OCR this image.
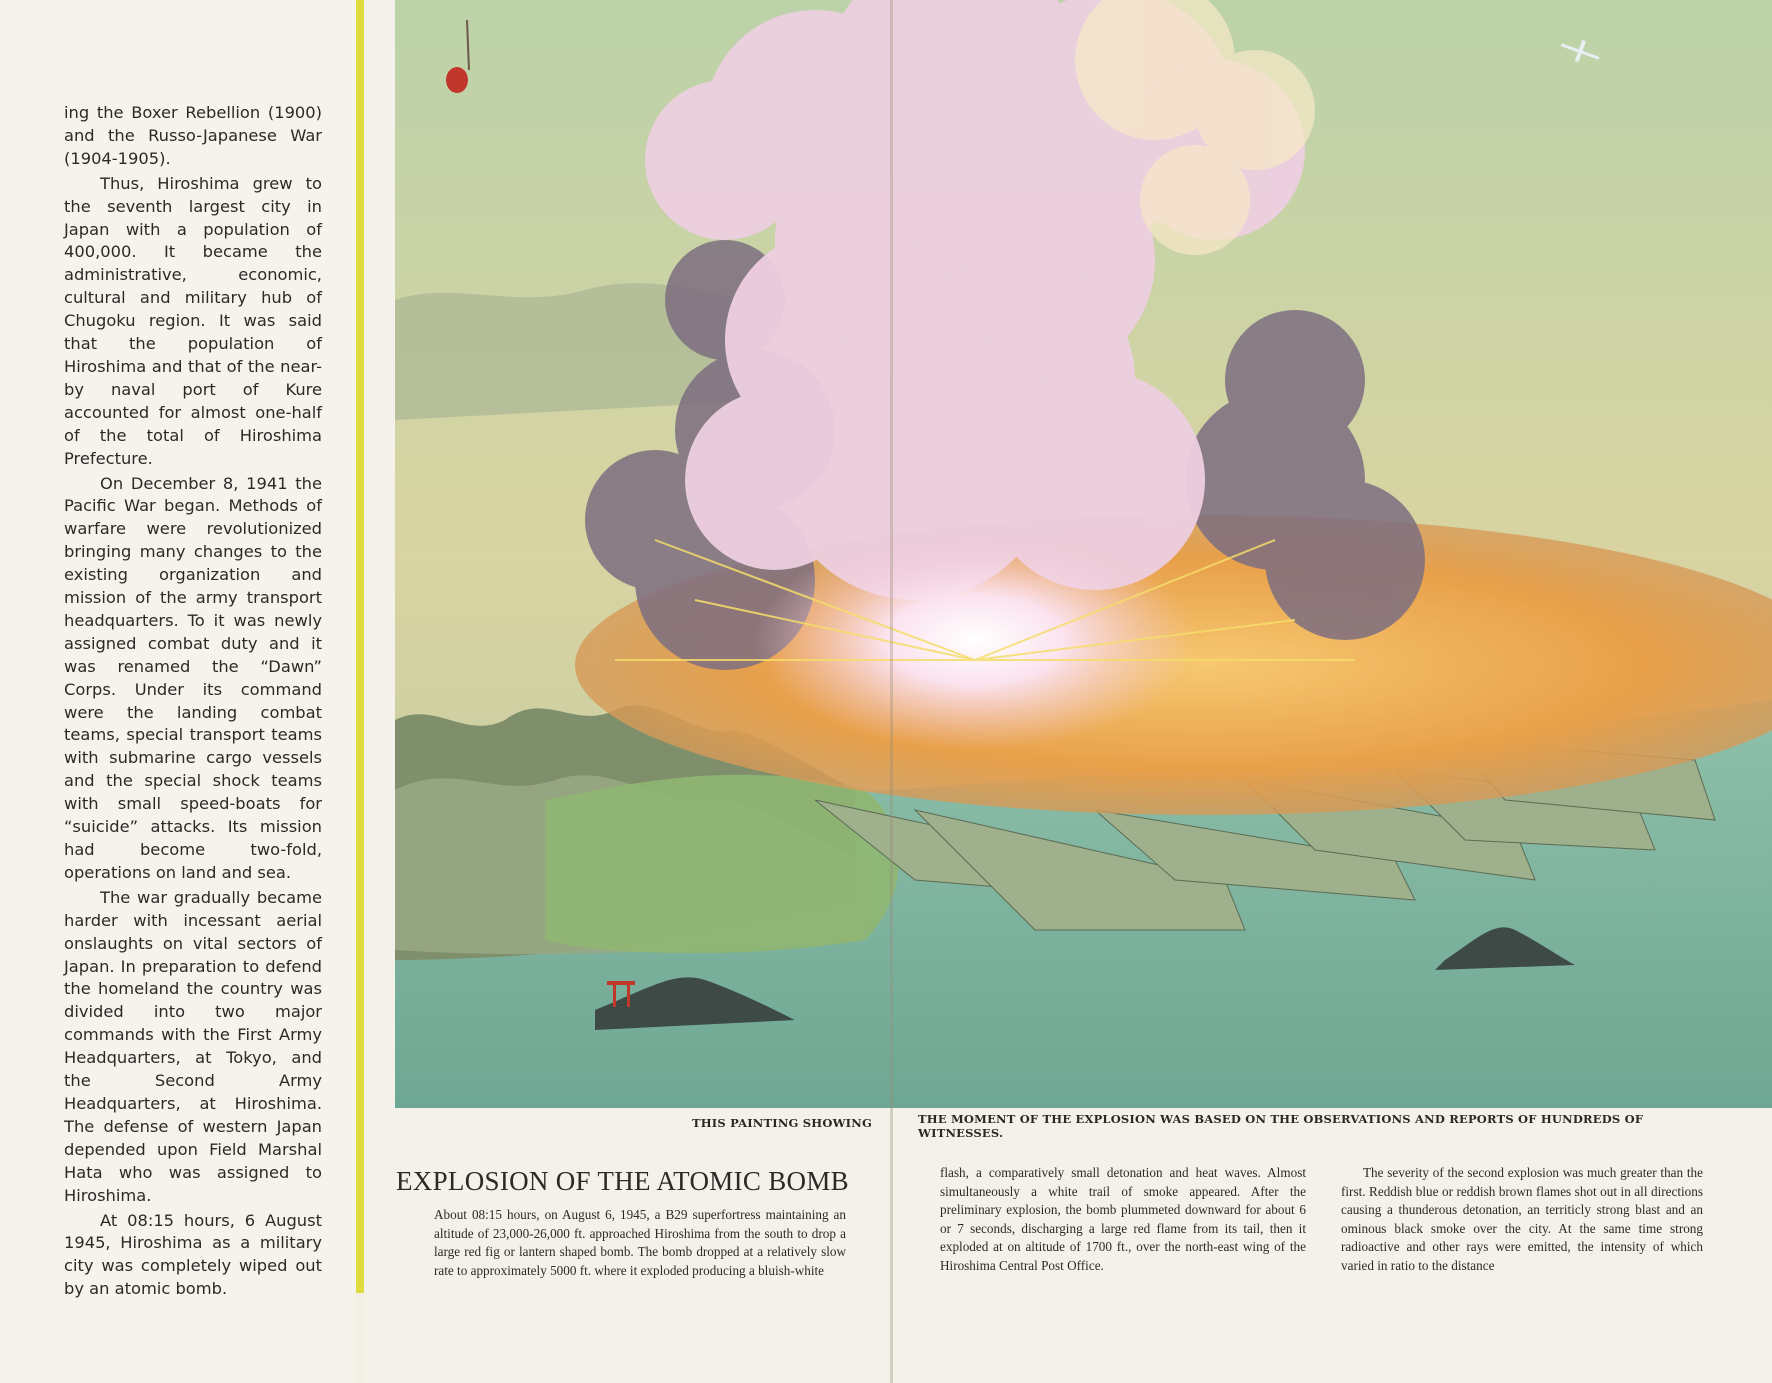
ing the Boxer Rebellion (1900) and the Russo-Japanese War (1904-1905).

Thus, Hiroshima grew to the seventh largest city in Japan with a population of 400,000. It became the administrative, economic, cultural and military hub of Chugoku region. It was said that the population of Hiroshima and that of the near-by naval port of Kure accounted for almost one-half of the total of Hiroshima Prefecture.

On December 8, 1941 the Pacific War began. Methods of warfare were revolutionized bringing many changes to the existing organization and mission of the army transport headquarters. To it was newly assigned combat duty and it was renamed the “Dawn” Corps. Under its command were the landing combat teams, special transport teams with submarine cargo vessels and the special shock teams with small speed-boats for “suicide” attacks. Its mission had become two-fold, operations on land and sea.

The war gradually became harder with incessant aerial onslaughts on vital sectors of Japan. In preparation to defend the homeland the country was divided into two major commands with the First Army Headquarters, at Tokyo, and the Second Army Headquarters, at Hiroshima. The defense of western Japan depended upon Field Marshal Hata who was assigned to Hiroshima.

At 08:15 hours, 6 August 1945, Hiroshima as a military city was completely wiped out by an atomic bomb.

THIS PAINTING SHOWING	THE MOMENT OF THE EXPLOSION WAS BASED ON THE OBSERVATIONS AND REPORTS OF HUNDREDS OF WITNESSES.
EXPLOSION OF THE ATOMIC BOMB

About 08:15 hours, on August 6, 1945, a B29 superfortress maintaining an altitude of 23,000-26,000 ft. approached Hiroshima from the south to drop a large red fig or lantern shaped bomb. The bomb dropped at a relatively slow rate to approximately 5000 ft. where it exploded producing a bluish-white

flash, a comparatively small detonation and heat waves. Almost simultaneously a white trail of smoke appeared. After the preliminary explosion, the bomb plummeted downward for about 6 or 7 seconds, discharging a large red flame from its tail, then it exploded at on altitude of 1700 ft., over the north-east wing of the Hiroshima Central Post Office.

The severity of the second explosion was much greater than the first. Reddish blue or reddish brown flames shot out in all directions causing a thunderous detonation, an territicly strong blast and an ominous black smoke over the city. At the same time strong radioactive and other rays were emitted, the intensity of which varied in ratio to the distance
